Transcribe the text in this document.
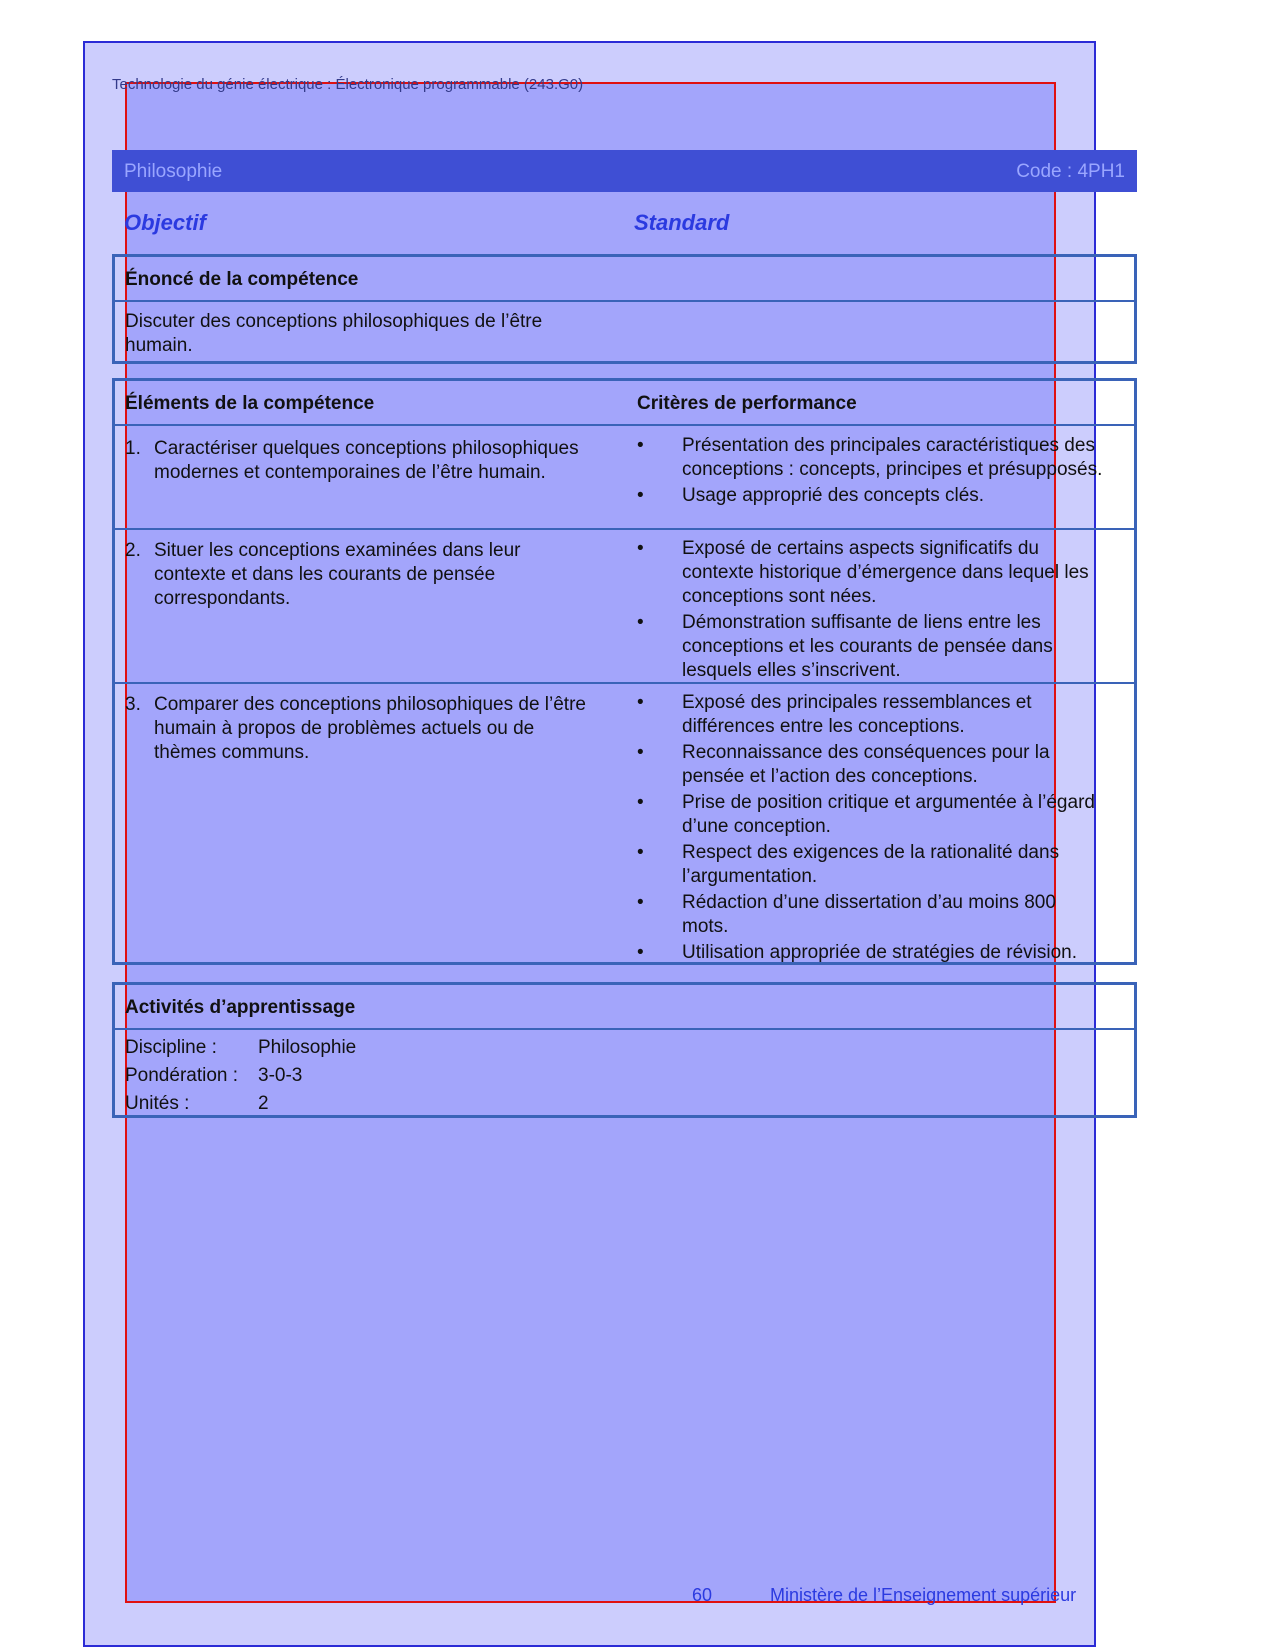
Technologie du génie électrique : Électronique programmable (243.G0)
Philosophie	Code : 4PH1
Objectif	Standard
Énoncé de la compétence
Discuter des conceptions philosophiques de l’être humain.
Éléments de la compétence	Critères de performance
1. Caractériser quelques conceptions philosophiques modernes et contemporaines de l’être humain.
• Présentation des principales caractéristiques des conceptions : concepts, principes et présupposés.
• Usage approprié des concepts clés.
2. Situer les conceptions examinées dans leur contexte et dans les courants de pensée correspondants.
• Exposé de certains aspects significatifs du contexte historique d’émergence dans lequel les conceptions sont nées.
• Démonstration suffisante de liens entre les conceptions et les courants de pensée dans lesquels elles s’inscrivent.
3. Comparer des conceptions philosophiques de l’être humain à propos de problèmes actuels ou de thèmes communs.
• Exposé des principales ressemblances et différences entre les conceptions.
• Reconnaissance des conséquences pour la pensée et l’action des conceptions.
• Prise de position critique et argumentée à l’égard d’une conception.
• Respect des exigences de la rationalité dans l’argumentation.
• Rédaction d’une dissertation d’au moins 800 mots.
• Utilisation appropriée de stratégies de révision.
Activités d’apprentissage
Discipline : Philosophie
Pondération : 3-0-3
Unités :	2
60	Ministère de l’Enseignement supérieur
